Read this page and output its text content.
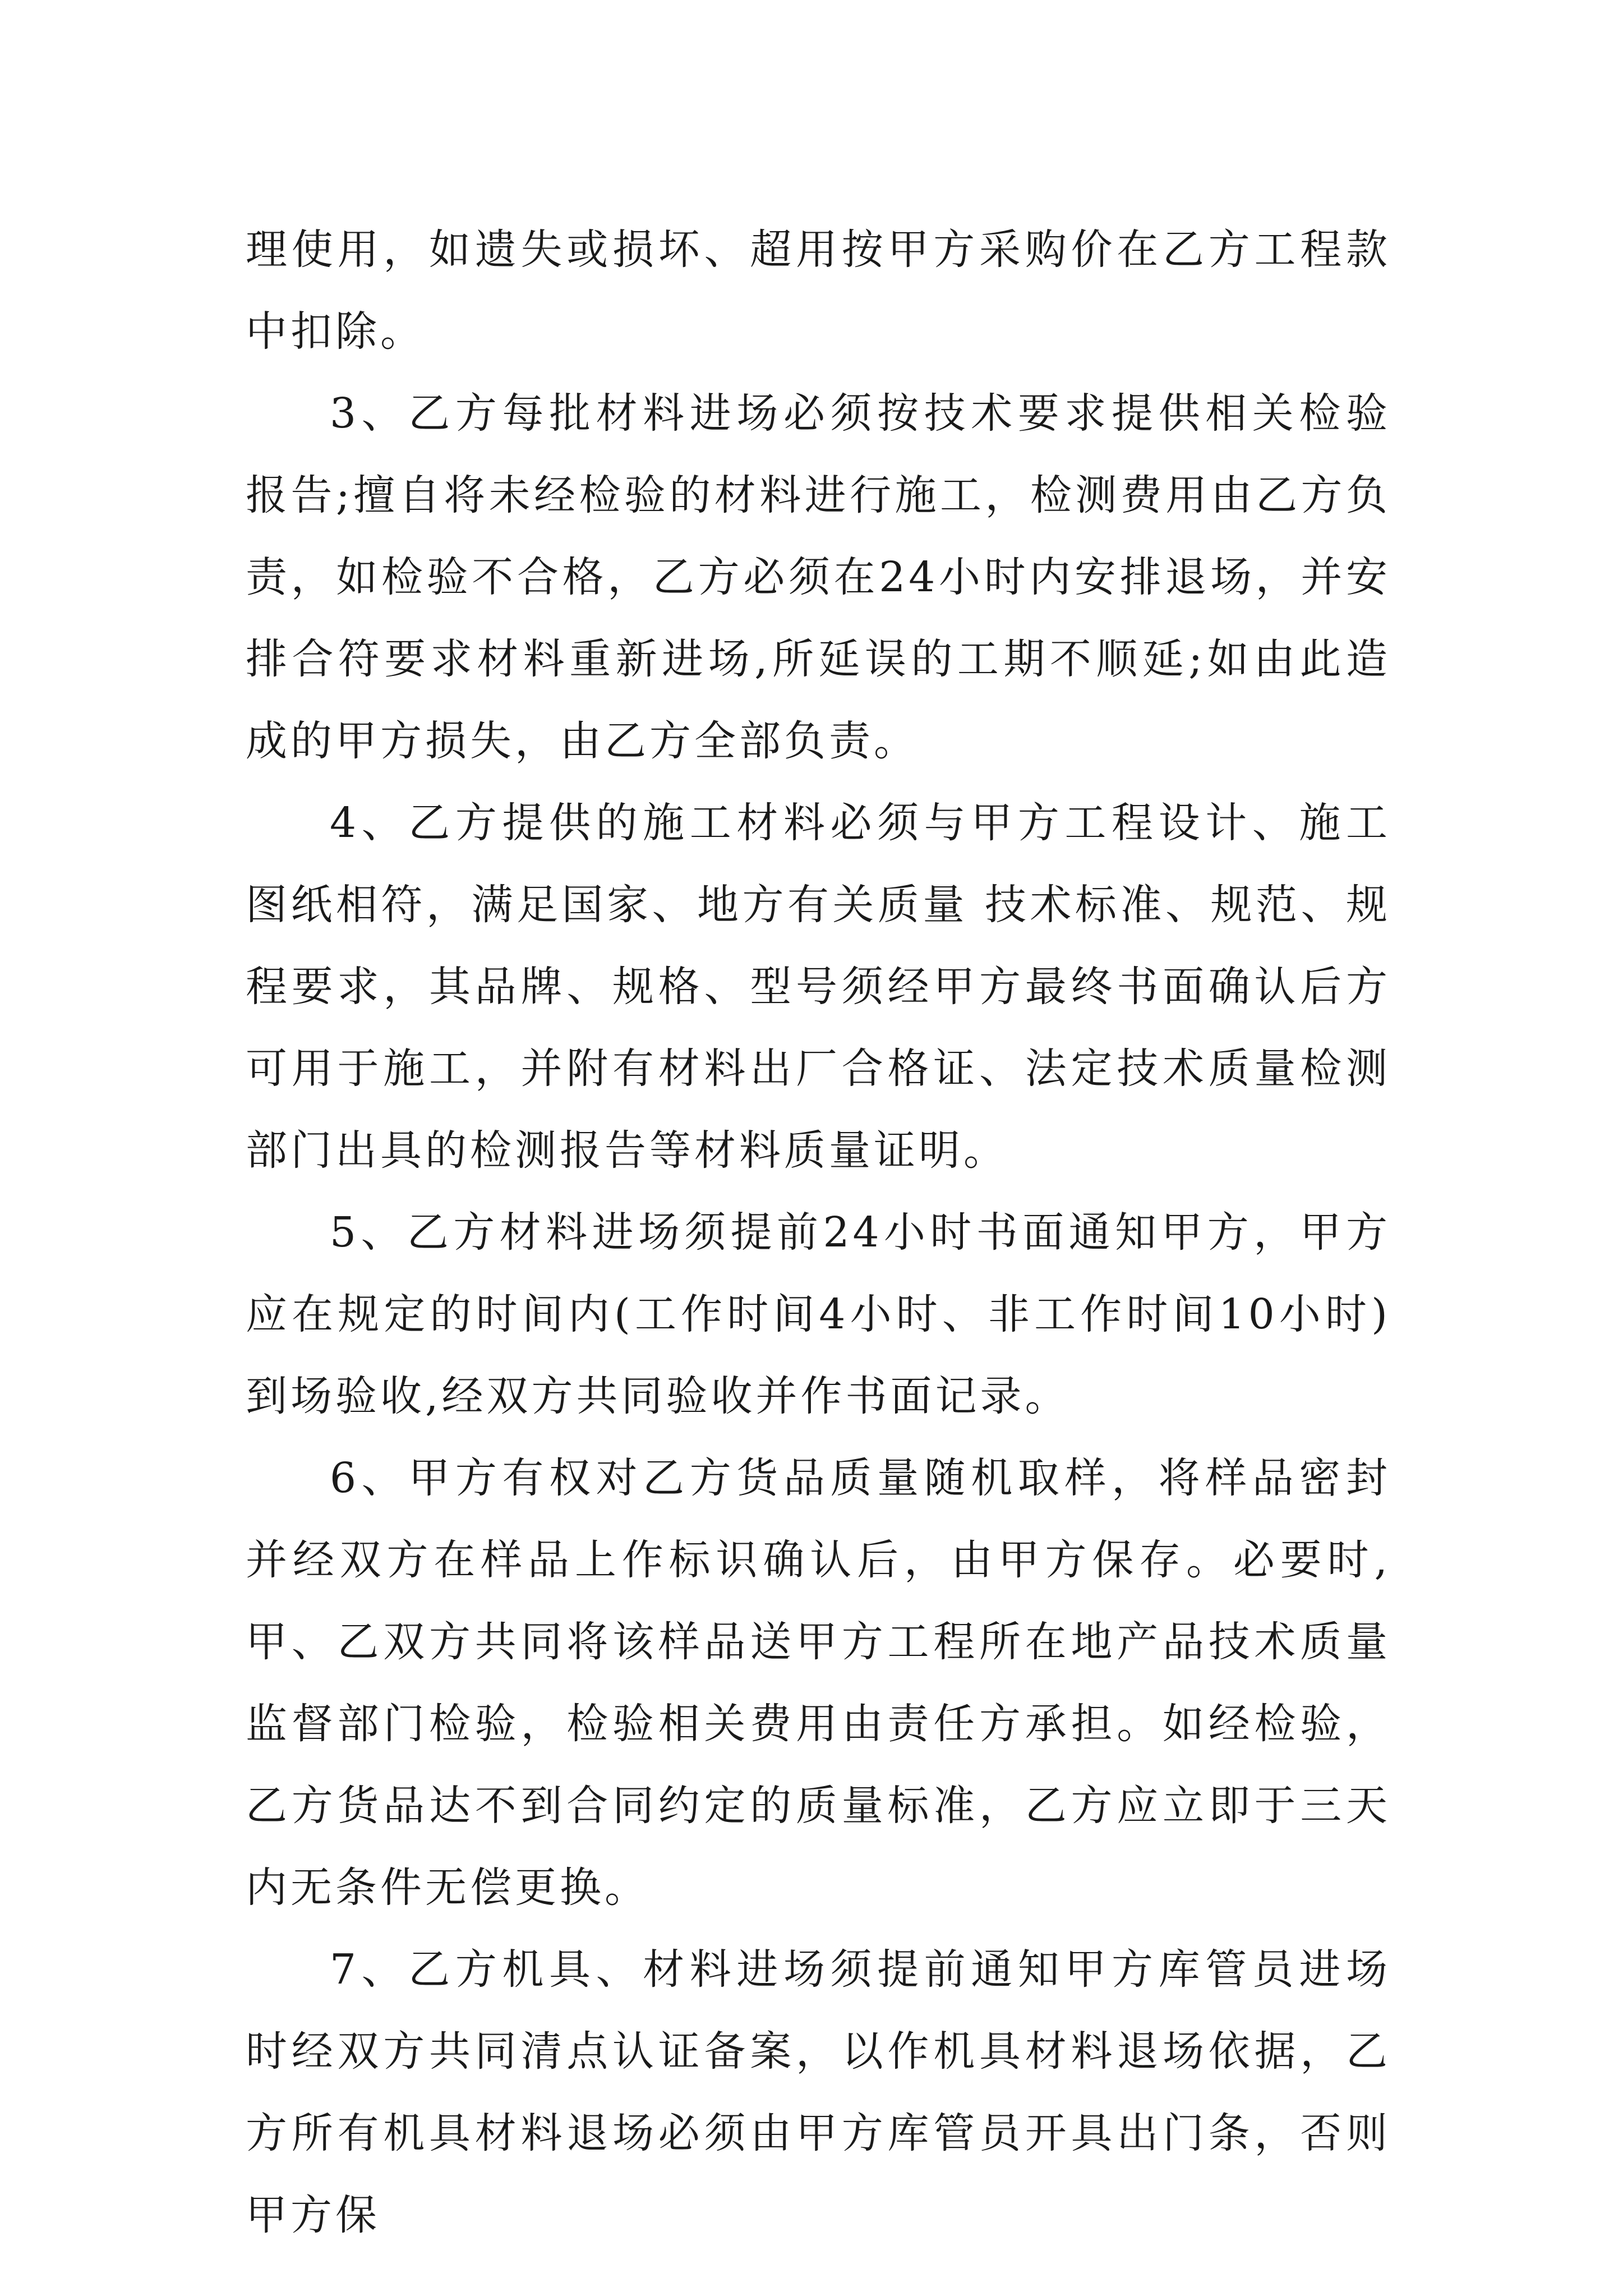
理使用，如遗失或损坏、超用按甲方采购价在乙方工程款中扣除。

3、乙方每批材料进场必须按技术要求提供相关检验报告;擅自将未经检验的材料进行施工，检测费用由乙方负责，如检验不合格，乙方必须在24小时内安排退场，并安排合符要求材料重新进场,所延误的工期不顺延;如由此造成的甲方损失，由乙方全部负责。

4、乙方提供的施工材料必须与甲方工程设计、施工图纸相符，满足国家、地方有关质量 技术标准、规范、规程要求，其品牌、规格、型号须经甲方最终书面确认后方可用于施工，并附有材料出厂合格证、法定技术质量检测部门出具的检测报告等材料质量证明。

5、乙方材料进场须提前24小时书面通知甲方，甲方应在规定的时间内(工作时间4小时、非工作时间10小时)到场验收,经双方共同验收并作书面记录。

6、甲方有权对乙方货品质量随机取样，将样品密封并经双方在样品上作标识确认后，由甲方保存。必要时,甲、乙双方共同将该样品送甲方工程所在地产品技术质量监督部门检验，检验相关费用由责任方承担。如经检验，乙方货品达不到合同约定的质量标准，乙方应立即于三天内无条件无偿更换。

7、乙方机具、材料进场须提前通知甲方库管员进场时经双方共同清点认证备案，以作机具材料退场依据，乙方所有机具材料退场必须由甲方库管员开具出门条，否则甲方保
